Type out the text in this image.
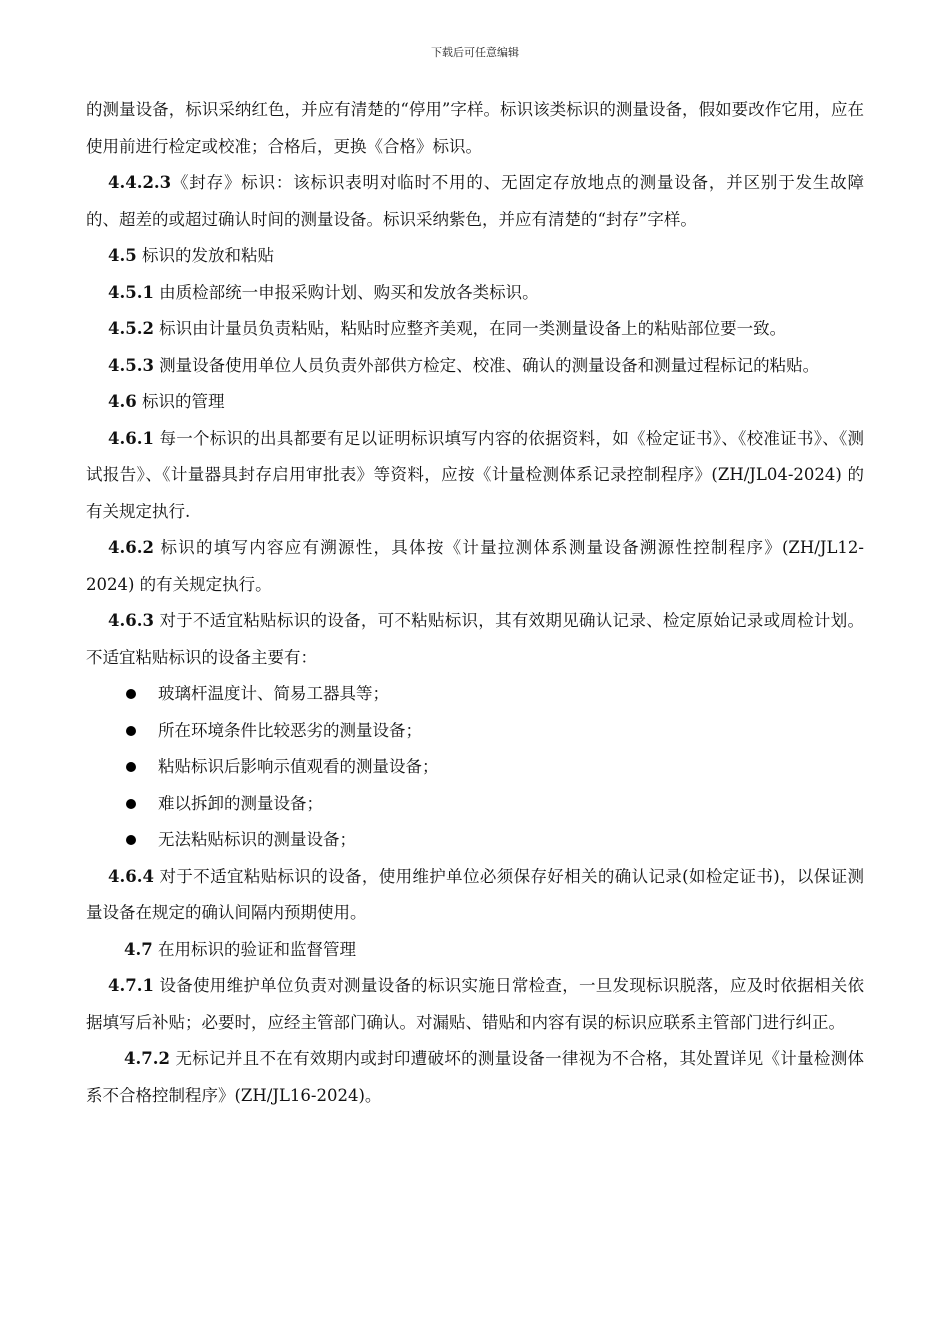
下载后可任意编辑

的测量设备，标识采纳红色，并应有清楚的“停用”字样。标识该类标识的测量设备，假如要改作它用，应在使用前进行检定或校准；合格后，更换《合格》标识。

4.4.2.3《封存》标识：该标识表明对临时不用的、无固定存放地点的测量设备，并区别于发生故障的、超差的或超过确认时间的测量设备。标识采纳紫色，并应有清楚的“封存”字样。

4.5 标识的发放和粘贴

4.5.1 由质检部统一申报采购计划、购买和发放各类标识。

4.5.2 标识由计量员负责粘贴，粘贴时应整齐美观，在同一类测量设备上的粘贴部位要一致。

4.5.3 测量设备使用单位人员负责外部供方检定、校准、确认的测量设备和测量过程标记的粘贴。

4.6 标识的管理

4.6.1 每一个标识的出具都要有足以证明标识填写内容的依据资料，如《检定证书》、《校准证书》、《测试报告》、《计量器具封存启用审批表》等资料，应按《计量检测体系记录控制程序》(ZH/JL04-2024) 的有关规定执行.

4.6.2 标识的填写内容应有溯源性，具体按《计量拉测体系测量设备溯源性控制程序》(ZH/JL12-2024) 的有关规定执行。

4.6.3 对于不适宜粘贴标识的设备，可不粘贴标识，其有效期见确认记录、检定原始记录或周检计划。不适宜粘贴标识的设备主要有：

玻璃杆温度计、简易工器具等；
所在环境条件比较恶劣的测量设备；
粘贴标识后影响示值观看的测量设备；
难以拆卸的测量设备；
无法粘贴标识的测量设备；

4.6.4 对于不适宜粘贴标识的设备，使用维护单位必须保存好相关的确认记录(如检定证书)，以保证测量设备在规定的确认间隔内预期使用。

4.7 在用标识的验证和监督管理

4.7.1 设备使用维护单位负责对测量设备的标识实施日常检查，一旦发现标识脱落，应及时依据相关依据填写后补贴；必要时，应经主管部门确认。对漏贴、错贴和内容有误的标识应联系主管部门进行纠正。

4.7.2 无标记并且不在有效期内或封印遭破坏的测量设备一律视为不合格，其处置详见《计量检测体系不合格控制程序》(ZH/JL16-2024)。
